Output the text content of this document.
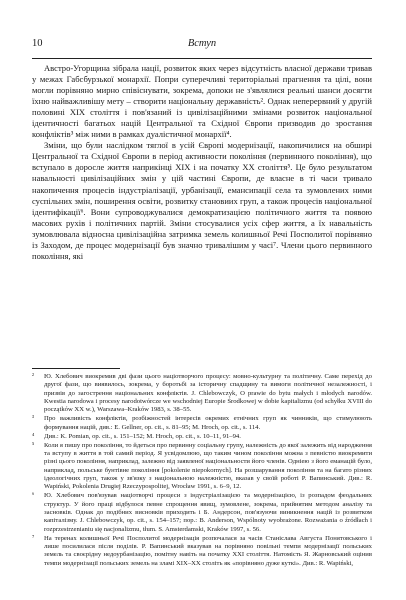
10	Вступ

Австро-Угорщина зібрала нації, розвиток яких через відсутність власної держави тривав у межах Габсбурзької монархії. Попри суперечливі територіальні прагнення та цілі, вони могли порівняно мирно співіснувати, зокрема, допоки не з'являлися реальні шанси досягти їхню найважливішу мету – створити національну державність². Однак неперервний у другій половині XIX століття і пов'язаний із цивілізаційними змінами розвиток національної ідентичності багатьох націй Центральної та Східної Європи призводив до зростання конфліктів³ між ними в рамках дуалістичної монархії⁴.

Зміни, що були наслідком тяглої в усій Європі модернізації, накопичилися на обширі Центральної та Східної Європи в період активности покоління (первинного покоління), що вступало в доросле життя наприкінці XIX і на початку XX століття⁵. Це було результатом навальності цивілізаційних змін у цій частині Європи, де власне в ті часи тривало накопичення процесів індустріалізації, урбанізації, емансипації села та зумовлених ними суспільних змін, поширення освіти, розвитку становиих груп, а також процесів національної ідентифікації⁶. Вони супроводжувалися демократизацією політичного життя та появою масових рухів і політичних партій. Зміни стосувалися усіх сфер життя, а їх навальність зумовлювала відносна цивілізаційна затримка земель колишньої Речі Посполитої порівняно із Заходом, де процес модернізації був значно тривалішим у часі⁷. Члени цього первинного покоління, які

²	Ю. Хлебович виокремив дві фази цього націотворчого процесу: мовно-культурну та політичну. Саме перехід до другої фази, що виявилось, зокрема, у боротьбі за історичну спадщину та вимоги політичної незалежності, і призвів до загострення національних конфліктів. J. Chlebowczyk, O prawie do bytu małych i młodych narodów. Kwestia narodowa i procesy narodotwórcze we wschodniej Europie Środkowej w dobie kapitalizmu (od schyłku XVIII do początków XX w.), Warszawa–Kraków 1983, s. 38–55.
³	Про важливість конфліктів, розбіжностей інтересів окремих етнічних груп як чинників, що стимулюють формування націй, див.: E. Gellner, op. cit., s. 81–95; M. Hroch, op. cit., s. 114.
⁴	Див.: K. Pomian, op. cit., s. 151–152; M. Hroch, op. cit., s. 10–11, 91–94.
⁵	Коли я пишу про покоління, то йдеться про первинну соціальну групу, належність до якої залежить від народження та вступу в життя в той самий період. Я усвідомлюю, що таким чином покоління можна з певністю виокремити різні цього покоління, наприклад, залежно від заявленої національности його членів. Одніею з його еманацій було, наприклад, польське бунтівне покоління [pokolenie niepokornych]. На розшарування покоління та на багато різних ідеологічних груп, також у зв'язку з національною належністю, вказав у своїй роботі Р. Вапинський. Див.: R. Wapiński, Pokolenia Drugiej Rzeczypospolitej, Wrocław 1991, s. 6–9, 12.
⁶	Ю. Хлебович пов'язував націотворчі процеси з індустріалізацією та модернізацією, із розпадом феодальних структур. У його праці відбулося певне спрощення явищ, зумовлене, зокрема, прийнятим методом аналізу та засновків. Однак до подібних висновків приходить і Б. Андерсон, пов'язуючи виникнення націй із розвитком капіталізму. J. Chlebowczyk, op. cit., s. 154–157; пор.: B. Anderson, Wspólnoty wyobrażone. Rozważania o źródłach i rozprzestrzenianiu się nacjonalizmu, tłum. S. Amsterdamski, Kraków 1997, s. 56.
⁷	На теренах колишньої Речі Посполитої модернізація розпочалася за часів Станіслава Августа Понятовського і лише посилилася після поділів. Р. Вапинський вказував на порівняно повільні темпи модернізації польських земель та своєрідну недоурбанізацію, помітну навіть на початку XXI століття. Натомість Я. Жарновський оцінив темпи модернізації польських земель на зламі XIX–XX століть як «порівняно дуже куткі». Див.: R. Wapiński,
